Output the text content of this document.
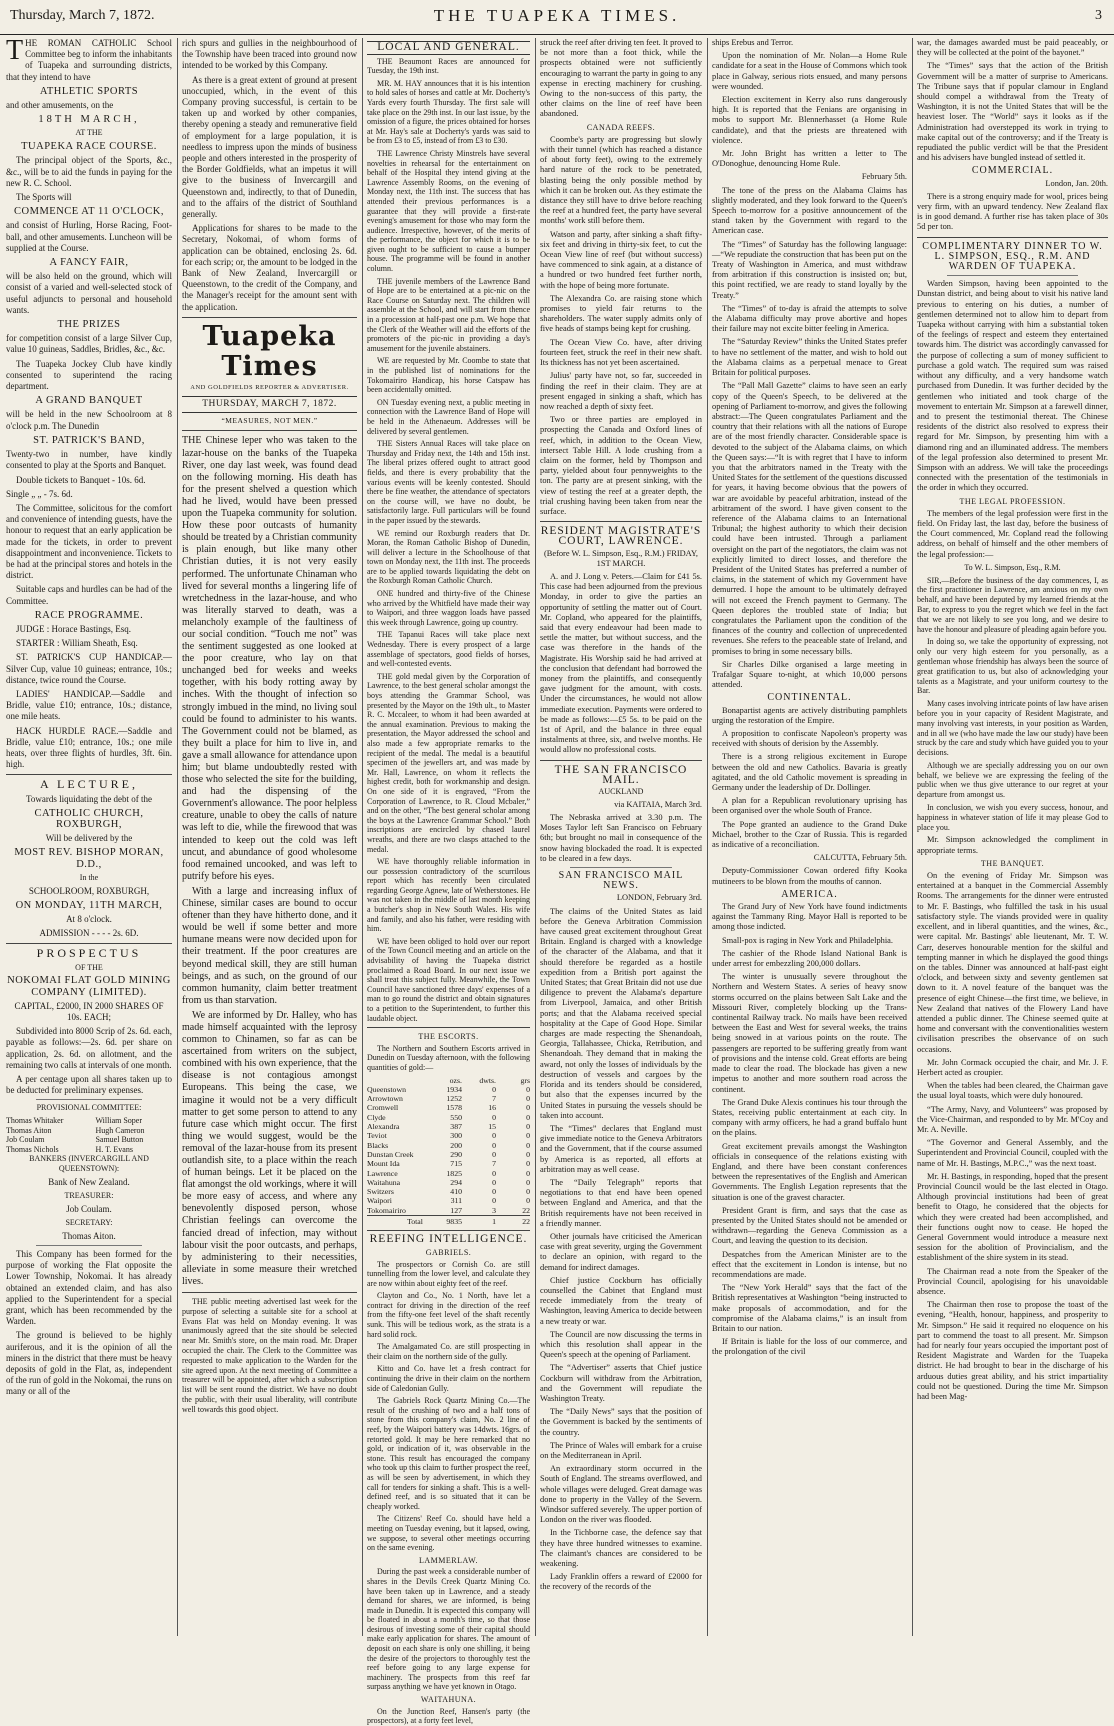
Thursday, March 7, 1872.	THE TUAPEKA TIMES.	3

THE ROMAN CATHOLIC School Committee beg to inform the inhabitants of Tuapeka and surrounding districts, that they intend to have

ATHLETIC SPORTS

and other amusements, on the

18TH MARCH,

AT THE

TUAPEKA RACE COURSE.

The principal object of the Sports, &c., &c., will be to aid the funds in paying for the new R. C. School.

The Sports will

COMMENCE AT 11 O'CLOCK,

and consist of Hurling, Horse Racing, Foot-ball, and other amusements. Luncheon will be supplied at the Course.

A FANCY FAIR,

will be also held on the ground, which will consist of a varied and well-selected stock of useful adjuncts to personal and household wants.

THE PRIZES

for competition consist of a large Silver Cup, value 10 guineas, Saddles, Bridles, &c., &c.

The Tuapeka Jockey Club have kindly consented to superintend the racing department.

A GRAND BANQUET

will be held in the new Schoolroom at 8 o'clock p.m. The Dunedin

ST. PATRICK'S BAND,

Twenty-two in number, have kindly consented to play at the Sports and Banquet.

Double tickets to Banquet - 10s. 6d.

Single „ „ - 7s. 6d.

The Committee, solicitous for the comfort and convenience of intending guests, have the honour to request that an early application be made for the tickets, in order to prevent disappointment and inconvenience. Tickets to be had at the principal stores and hotels in the district.

Suitable caps and hurdles can be had of the Committee.

RACE PROGRAMME.

JUDGE : Horace Bastings, Esq.

STARTER : William Sheath, Esq.

ST. PATRICK'S CUP HANDICAP.—Silver Cup, value 10 guineas; entrance, 10s.; distance, twice round the Course.

LADIES' HANDICAP.—Saddle and Bridle, value £10; entrance, 10s.; distance, one mile heats.

HACK HURDLE RACE.—Saddle and Bridle, value £10; entrance, 10s.; one mile heats, over three flights of hurdles, 3ft. 6in. high.

A LECTURE,

Towards liquidating the debt of the

CATHOLIC CHURCH, ROXBURGH,

Will be delivered by the

MOST REV. BISHOP MORAN, D.D.,

In the

SCHOOLROOM, ROXBURGH,

ON MONDAY, 11TH MARCH,

At 8 o'clock.

ADMISSION - - - - 2s. 6D.

PROSPECTUS

OF THE

NOKOMAI FLAT GOLD MINING COMPANY (LIMITED).

CAPITAL, £2000, IN 2000 SHARES OF 10s. EACH;

Subdivided into 8000 Scrip of 2s. 6d. each, payable as follows:—2s. 6d. per share on application, 2s. 6d. on allotment, and the remaining two calls at intervals of one month.

A per centage upon all shares taken up to be deducted for preliminary expenses.

PROVISIONAL COMMITTEE:

Thomas Whitaker	William Soper
Thomas Aiton	Hugh Cameron
Job Coulam	Samuel Button
Thomas Nichols	H. T. Evans

BANKERS (INVERCARGILL AND QUEENSTOWN):

Bank of New Zealand.

TREASURER:

Job Coulam.

SECRETARY:

Thomas Aiton.

This Company has been formed for the purpose of working the Flat opposite the Lower Township, Nokomai. It has already obtained an extended claim, and has also applied to the Superintendent for a special grant, which has been recommended by the Warden.

The ground is believed to be highly auriferous, and it is the opinion of all the miners in the district that there must be heavy deposits of gold in the Flat, as, independent of the run of gold in the Nokomai, the runs on many or all of the

rich spurs and gullies in the neighbourhood of the Township have been traced into ground now intended to be worked by this Company.

As there is a great extent of ground at present unoccupied, which, in the event of this Company proving successful, is certain to be taken up and worked by other companies, thereby opening a steady and remunerative field of employment for a large population, it is needless to impress upon the minds of business people and others interested in the prosperity of the Border Goldfields, what an impetus it will give to the business of Invercargill and Queenstown and, indirectly, to that of Dunedin, and to the affairs of the district of Southland generally.

Applications for shares to be made to the Secretary, Nokomai, of whom forms of application can be obtained, enclosing 2s. 6d. for each scrip; or, the amount to be lodged in the Bank of New Zealand, Invercargill or Queenstown, to the credit of the Company, and the Manager's receipt for the amount sent with the application.

Tuapeka Times
AND GOLDFIELDS REPORTER & ADVERTISER.
THURSDAY, MARCH 7, 1872.
“MEASURES, NOT MEN.”

THE Chinese leper who was taken to the lazar-house on the banks of the Tuapeka River, one day last week, was found dead on the following morning. His death has for the present shelved a question which had he lived, would have been pressed upon the Tuapeka community for solution. How these poor outcasts of humanity should be treated by a Christian community is plain enough, but like many other Christian duties, it is not very easily performed. The unfortunate Chinaman who lived for several months a lingering life of wretchedness in the lazar-house, and who was literally starved to death, was a melancholy example of the faultiness of our social condition. “Touch me not” was the sentiment suggested as one looked at the poor creature, who lay on that unchanged bed for weeks and weeks together, with his body rotting away by inches. With the thought of infection so strongly imbued in the mind, no living soul could be found to administer to his wants. The Government could not be blamed, as they built a place for him to live in, and gave a small allowance for attendance upon him; but blame undoubtedly rested with those who selected the site for the building, and had the dispensing of the Government's allowance. The poor helpless creature, unable to obey the calls of nature was left to die, while the firewood that was intended to keep out the cold was left uncut, and abundance of good wholesome food remained uncooked, and was left to putrify before his eyes.

With a large and increasing influx of Chinese, similar cases are bound to occur oftener than they have hitherto done, and it would be well if some better and more humane means were now decided upon for their treatment. If the poor creatures are beyond medical skill, they are still human beings, and as such, on the ground of our common humanity, claim better treatment from us than starvation.

We are informed by Dr. Halley, who has made himself acquainted with the leprosy common to Chinamen, so far as can be ascertained from writers on the subject, combined with his own experience, that the disease is not contagious amongst Europeans. This being the case, we imagine it would not be a very difficult matter to get some person to attend to any future case which might occur. The first thing we would suggest, would be the removal of the lazar-house from its present outlandish site, to a place within the reach of human beings. Let it be placed on the flat amongst the old workings, where it will be more easy of access, and where any benevolently disposed person, whose Christian feelings can overcome the fancied dread of infection, may without labour visit the poor outcasts, and perhaps, by administering to their necessities, alleviate in some measure their wretched lives.

THE public meeting advertised last week for the purpose of selecting a suitable site for a school at Evans Flat was held on Monday evening. It was unanimously agreed that the site should be selected near Mr. Smith's store, on the main road. Mr. Draper occupied the chair. The Clerk to the Committee was requested to make application to the Warden for the site agreed upon. At the next meeting of Committee a treasurer will be appointed, after which a subscription list will be sent round the district. We have no doubt the public, with their usual liberality, will contribute well towards this good object.

LOCAL AND GENERAL.

THE Beaumont Races are announced for Tuesday, the 19th inst.

MR. M. HAY announces that it is his intention to hold sales of horses and cattle at Mr. Docherty's Yards every fourth Thursday. The first sale will take place on the 29th inst. In our last issue, by the omission of a figure, the prices obtained for horses at Mr. Hay's sale at Docherty's yards was said to be from £3 to £5, instead of from £3 to £30.

THE Lawrence Christy Minstrels have several novelties in rehearsal for the entertainment on behalf of the Hospital they intend giving at the Lawrence Assembly Rooms, on the evening of Monday next, the 11th inst. The success that has attended their previous performances is a guarantee that they will provide a first-rate evening's amusement for those who may form the audience. Irrespective, however, of the merits of the performance, the object for which it is to be given ought to be sufficient to cause a bumper house. The programme will be found in another column.

THE juvenile members of the Lawrence Band of Hope are to be entertained at a pic-nic on the Race Course on Saturday next. The children will assemble at the School, and will start from thence in a procession at half-past one p.m. We hope that the Clerk of the Weather will aid the efforts of the promoters of the pic-nic in providing a day's amusement for the juvenile abstainers.

WE are requested by Mr. Coombe to state that in the published list of nominations for the Tokomairiro Handicap, his horse Catspaw has been accidentally omitted.

ON Tuesday evening next, a public meeting in connection with the Lawrence Band of Hope will be held in the Athenaeum. Addresses will be delivered by several gentlemen.

THE Sisters Annual Races will take place on Thursday and Friday next, the 14th and 15th inst. The liberal prizes offered ought to attract good fields, and there is every probability that the various events will be keenly contested. Should there be fine weather, the attendance of spectators on the course will, we have no doubt, be satisfactorily large. Full particulars will be found in the paper issued by the stewards.

WE remind our Roxburgh readers that Dr. Moran, the Roman Catholic Bishop of Dunedin, will deliver a lecture in the Schoolhouse of that town on Monday next, the 11th inst. The proceeds are to be applied towards liquidating the debt on the Roxburgh Roman Catholic Church.

ONE hundred and thirty-five of the Chinese who arrived by the Whitfield have made their way to Waipori, and three waggon loads have passed this week through Lawrence, going up country.

THE Tapanui Races will take place next Wednesday. There is every prospect of a large assemblage of spectators, good fields of horses, and well-contested events.

THE gold medal given by the Corporation of Lawrence, to the best general scholar amongst the boys attending the Grammar School, was presented by the Mayor on the 19th ult., to Master R. C. Mccaleer, to whom it had been awarded at the annual examination. Previous to making the presentation, the Mayor addressed the school and also made a few appropriate remarks to the recipient of the medal. The medal is a beautiful specimen of the jewellers art, and was made by Mr. Hall, Lawrence, on whom it reflects the highest credit, both for workmanship and design. On one side of it is engraved, “From the Corporation of Lawrence, to R. Cloud Mcbaler,” and on the other, “The best general scholar among the boys at the Lawrence Grammar School.” Both inscriptions are encircled by chased laurel wreaths, and there are two clasps attached to the medal.

WE have thoroughly reliable information in our possession contradictory of the scurrilous report which has recently been circulated regarding George Agnew, late of Wetherstones. He was not taken in the middle of last month keeping a butcher's shop in New South Wales. His wife and family, and also his father, were residing with him.

WE have been obliged to hold over our report of the Town Council meeting and an article on the advisability of having the Tuapeka district proclaimed a Road Board. In our next issue we shall treat this subject fully. Meanwhile, the Town Council have sanctioned three days' expenses of a man to go round the district and obtain signatures to a petition to the Superintendent, to further this laudable object.

THE ESCORTS.

The Northern and Southern Escorts arrived in Dunedin on Tuesday afternoon, with the following quantities of gold:—

	ozs.	dwts.	grs
Queenstown	1934	0	0
Arrowtown	1252	7	0
Cromwell	1578	16	0
Clyde	550	0	0
Alexandra	387	15	0
Teviot	300	0	0
Blacks	200	0	0
Dunstan Creek	290	0	0
Mount Ida	715	7	0
Lawrence	1825	0	0
Waitahuna	294	0	0
Switzers	410	0	0
Waipori	311	0	0
Tokomairiro	127	3	22
Total	9835	1	22
REEFING INTELLIGENCE.
GABRIELS.

The prospectors or Cornish Co. are still tunnelling from the lower level, and calculate they are now within about eighty feet of the reef.

Clayton and Co., No. 1 North, have let a contract for driving in the direction of the reef from the fifty-one feet level of the shaft recently sunk. This will be tedious work, as the strata is a hard solid rock.

The Amalgamated Co. are still prospecting in their claim on the northern side of the gully.

Kitto and Co. have let a fresh contract for continuing the drive in their claim on the northern side of Caledonian Gully.

The Gabriels Rock Quartz Mining Co.—The result of the crushing of two and a half tons of stone from this company's claim, No. 2 line of reef, by the Waipori battery was 14dwts. 16grs. of retorted gold. It may be here remarked that no gold, or indication of it, was observable in the stone. This result has encouraged the company who took up this claim to further prospect the reef, as will be seen by advertisement, in which they call for tenders for sinking a shaft. This is a well-defined reef, and is so situated that it can be cheaply worked.

The Citizens' Reef Co. should have held a meeting on Tuesday evening, but it lapsed, owing, we suppose, to several other meetings occurring on the same evening.

LAMMERLAW.

During the past week a considerable number of shares in the Devils Creek Quartz Mining Co. have been taken up in Lawrence, and a steady demand for shares, we are informed, is being made in Dunedin. It is expected this company will be floated in about a month's time, so that those desirous of investing some of their capital should make early application for shares. The amount of deposit on each share is only one shilling, it being the desire of the projectors to thoroughly test the reef before going to any large expense for machinery. The prospects from this reef far surpass anything we have yet known in Otago.

WAITAHUNA.

On the Junction Reef, Hansen's party (the prospectors), at a forty feet level,

struck the reef after driving ten feet. It proved to be not more than a foot thick, while the prospects obtained were not sufficiently encouraging to warrant the party in going to any expense in erecting machinery for crushing. Owing to the non-success of this party, the other claims on the line of reef have been abandoned.

CANADA REEFS.

Coombe's party are progressing but slowly with their tunnel (which has reached a distance of about forty feet), owing to the extremely hard nature of the rock to be penetrated, blasting being the only possible method by which it can be broken out. As they estimate the distance they still have to drive before reaching the reef at a hundred feet, the party have several months' work still before them.

Watson and party, after sinking a shaft fifty-six feet and driving in thirty-six feet, to cut the Ocean View line of reef (but without success) have commenced to sink again, at a distance of a hundred or two hundred feet further north, with the hope of being more fortunate.

The Alexandra Co. are raising stone which promises to yield fair returns to the shareholders. The water supply admits only of five heads of stamps being kept for crushing.

The Ocean View Co. have, after driving fourteen feet, struck the reef in their new shaft. Its thickness has not yet been ascertained.

Julius' party have not, so far, succeeded in finding the reef in their claim. They are at present engaged in sinking a shaft, which has now reached a depth of sixty feet.

Two or three parties are employed in prospecting the Canada and Oxford lines of reef, which, in addition to the Ocean View, intersect Table Hill. A lode crushing from a claim on the former, held by Thompson and party, yielded about four pennyweights to the ton. The party are at present sinking, with the view of testing the reef at a greater depth, the trial crushing having been taken from near the surface.

RESIDENT MAGISTRATE'S COURT, LAWRENCE.

(Before W. L. Simpson, Esq., R.M.) FRIDAY, 1ST MARCH.

A. and J. Long v. Peters.—Claim for £41 5s. This case had been adjourned from the previous Monday, in order to give the parties an opportunity of settling the matter out of Court. Mr. Copland, who appeared for the plaintiffs, said that every endeavour had been made to settle the matter, but without success, and the case was therefore in the hands of the Magistrate. His Worship said he had arrived at the conclusion that defendant had borrowed the money from the plaintiffs, and consequently gave judgment for the amount, with costs. Under the circumstances, he would not allow immediate execution. Payments were ordered to be made as follows:—£5 5s. to be paid on the 1st of April, and the balance in three equal instalments at three, six, and twelve months. He would allow no professional costs.

THE SAN FRANCISCO MAIL.

AUCKLAND

via KAITAIA, March 3rd.

The Nebraska arrived at 3.30 p.m. The Moses Taylor left San Francisco on February 6th; but brought no mail in consequence of the snow having blockaded the road. It is expected to be cleared in a few days.

SAN FRANCISCO MAIL NEWS.

LONDON, February 3rd.

The claims of the United States as laid before the Geneva Arbitration Commission have caused great excitement throughout Great Britain. England is charged with a knowledge of the character of the Alabama, and that it should therefore be regarded as a hostile expedition from a British port against the United States; that Great Britain did not use due diligence to prevent the Alabama's departure from Liverpool, Jamaica, and other British ports; and that the Alabama received special hospitality at the Cape of Good Hope. Similar charges are made respecting the Shenandoah, Georgia, Tallahassee, Chicka, Retribution, and Shenandoah. They demand that in making the award, not only the losses of individuals by the destruction of vessels and cargoes by the Florida and its tenders should be considered, but also that the expenses incurred by the United States in pursuing the vessels should be taken into account.

The “Times” declares that England must give immediate notice to the Geneva Arbitrators and the Government, that if the course assumed by America is as reported, all efforts at arbitration may as well cease.

The “Daily Telegraph” reports that negotiations to that end have been opened between England and America, and that the British requirements have not been received in a friendly manner.

Other journals have criticised the American case with great severity, urging the Government to declare an opinion, with regard to the demand for indirect damages.

Chief justice Cockburn has officially counselled the Cabinet that England must recede immediately from the treaty of Washington, leaving America to decide between a new treaty or war.

The Council are now discussing the terms in which this resolution shall appear in the Queen's speech at the opening of Parliament.

The “Advertiser” asserts that Chief justice Cockburn will withdraw from the Arbitration, and the Government will repudiate the Washington Treaty.

The “Daily News” says that the position of the Government is backed by the sentiments of the country.

The Prince of Wales will embark for a cruise on the Mediterranean in April.

An extraordinary storm occurred in the South of England. The streams overflowed, and whole villages were deluged. Great damage was done to property in the Valley of the Severn. Windsor suffered severely. The upper portion of London on the river was flooded.

In the Tichborne case, the defence say that they have three hundred witnesses to examine. The claimant's chances are considered to be weakening.

Lady Franklin offers a reward of £2000 for the recovery of the records of the

ships Erebus and Terror.

Upon the nomination of Mr. Nolan—a Home Rule candidate for a seat in the House of Commons which took place in Galway, serious riots ensued, and many persons were wounded.

Election excitement in Kerry also runs dangerously high. It is reported that the Fenians are organising in mobs to support Mr. Blennerhasset (a Home Rule candidate), and that the priests are threatened with violence.

Mr. John Bright has written a letter to The O'Donoghue, denouncing Home Rule.

February 5th.

The tone of the press on the Alabama Claims has slightly moderated, and they look forward to the Queen's Speech to-morrow for a positive announcement of the stand taken by the Government with regard to the American case.

The “Times” of Saturday has the following language:—“We repudiate the construction that has been put on the Treaty of Washington in America, and must withdraw from arbitration if this construction is insisted on; but, this point rectified, we are ready to stand loyally by the Treaty.”

The “Times” of to-day is afraid the attempts to solve the Alabama difficulty may prove abortive and hopes their failure may not excite bitter feeling in America.

The “Saturday Review” thinks the United States prefer to have no settlement of the matter, and wish to hold out the Alabama claims as a perpetual menace to Great Britain for political purposes.

The “Pall Mall Gazette” claims to have seen an early copy of the Queen's Speech, to be delivered at the opening of Parliament to-morrow, and gives the following abstract:—The Queen congratulates Parliament and the country that their relations with all the nations of Europe are of the most friendly character. Considerable space is devoted to the subject of the Alabama claims, on which the Queen says:—“It is with regret that I have to inform you that the arbitrators named in the Treaty with the United States for the settlement of the questions discussed for years, it having become obvious that the powers of war are avoidable by peaceful arbitration, instead of the arbitrament of the sword. I have given consent to the reference of the Alabama claims to an International Tribunal; the highest authority to which their decision could have been intrusted. Through a parliament oversight on the part of the negotiators, the claim was not explicitly limited to direct losses, and therefore the President of the United States has preferred a number of claims, in the statement of which my Government have demurred. I hope the amount to be ultimately defrayed will not exceed the French payment to Germany. The Queen deplores the troubled state of India; but congratulates the Parliament upon the condition of the finances of the country and collection of unprecedented revenues. She refers to the peaceable state of Ireland, and promises to bring in some necessary bills.

Sir Charles Dilke organised a large meeting in Trafalgar Square to-night, at which 10,000 persons attended.

CONTINENTAL.

Bonapartist agents are actively distributing pamphlets urging the restoration of the Empire.

A proposition to confiscate Napoleon's property was received with shouts of derision by the Assembly.

There is a strong religious excitement in Europe between the old and new Catholics. Bavaria is greatly agitated, and the old Catholic movement is spreading in Germany under the leadership of Dr. Dollinger.

A plan for a Republican revolutionary uprising has been organised over the whole South of France.

The Pope granted an audience to the Grand Duke Michael, brother to the Czar of Russia. This is regarded as indicative of a reconciliation.

CALCUTTA, February 5th.

Deputy-Commissioner Cowan ordered fifty Kooka mutineers to be blown from the mouths of cannon.

AMERICA.

The Grand Jury of New York have found indictments against the Tammany Ring. Mayor Hall is reported to be among those indicted.

Small-pox is raging in New York and Philadelphia.

The cashier of the Rhode Island National Bank is under arrest for embezzling 200,000 dollars.

The winter is unusually severe throughout the Northern and Western States. A series of heavy snow storms occurred on the plains between Salt Lake and the Missouri River, completely blocking up the Trans-continental Railway track. No mails have been received between the East and West for several weeks, the trains being snowed in at various points on the route. The passengers are reported to be suffering greatly from want of provisions and the intense cold. Great efforts are being made to clear the road. The blockade has given a new impetus to another and more southern road across the continent.

The Grand Duke Alexis continues his tour through the States, receiving public entertainment at each city. In company with army officers, he had a grand buffalo hunt on the plains.

Great excitement prevails amongst the Washington officials in consequence of the relations existing with England, and there have been constant conferences between the representatives of the English and American Governments. The English Legation represents that the situation is one of the gravest character.

President Grant is firm, and says that the case as presented by the United States should not be amended or withdrawn—regarding the Geneva Commission as a Court, and leaving the question to its decision.

Despatches from the American Minister are to the effect that the excitement in London is intense, but no recommendations are made.

The “New York Herald” says that the fact of the British representatives at Washington “being instructed to make proposals of accommodation, and for the compromise of the Alabama claims,” is an insult from Britain to our nation.

If Britain is liable for the loss of our commerce, and the prolongation of the civil

war, the damages awarded must be paid peaceably, or they will be collected at the point of the bayonet.”

The “Times” says that the action of the British Government will be a matter of surprise to Americans. The Tribune says that if popular clamour in England should compel a withdrawal from the Treaty of Washington, it is not the United States that will be the heaviest loser. The “World” says it looks as if the Administration had overstepped its work in trying to make capital out of the controversy; and if the Treaty is repudiated the public verdict will be that the President and his advisers have bungled instead of settled it.

COMMERCIAL.

London, Jan. 20th.

There is a strong enquiry made for wool, prices being very firm, with an upward tendency. New Zealand flax is in good demand. A further rise has taken place of 30s 5d per ton.

COMPLIMENTARY DINNER TO W. L. SIMPSON, ESQ., R.M. AND WARDEN OF TUAPEKA.

Warden Simpson, having been appointed to the Dunstan district, and being about to visit his native land previous to entering on his duties, a number of gentlemen determined not to allow him to depart from Tuapeka without carrying with him a substantial token of the feelings of respect and esteem they entertained towards him. The district was accordingly canvassed for the purpose of collecting a sum of money sufficient to purchase a gold watch. The required sum was raised without any difficulty, and a very handsome watch purchased from Dunedin. It was further decided by the gentlemen who initiated and took charge of the movement to entertain Mr. Simpson at a farewell dinner, and to present the testimonial thereat. The Chinese residents of the district also resolved to express their regard for Mr. Simpson, by presenting him with a diamond ring and an illuminated address. The members of the legal profession also determined to present Mr. Simpson with an address. We will take the proceedings connected with the presentation of the testimonials in the order in which they occurred.

THE LEGAL PROFESSION.

The members of the legal profession were first in the field. On Friday last, the last day, before the business of the Court commenced, Mr. Copland read the following address, on behalf of himself and the other members of the legal profession:—

To W. L. Simpson, Esq., R.M.

SIR,—Before the business of the day commences, I, as the first practitioner in Lawrence, am anxious on my own behalf, and have been deputed by my learned friends at the Bar, to express to you the regret which we feel in the fact that we are not likely to see you long, and we desire to have the honour and pleasure of pleading again before you.

In doing so, we take the opportunity of expressing, not only our very high esteem for you personally, as a gentleman whose friendship has always been the source of great gratification to us, but also of acknowledging your talents as a Magistrate, and your uniform courtesy to the Bar.

Many cases involving intricate points of law have arisen before you in your capacity of Resident Magistrate, and many involving vast interests, in your position as Warden, and in all we (who have made the law our study) have been struck by the care and study which have guided you to your decisions.

Although we are specially addressing you on our own behalf, we believe we are expressing the feeling of the public when we thus give utterance to our regret at your departure from amongst us.

In conclusion, we wish you every success, honour, and happiness in whatever station of life it may please God to place you.

Mr. Simpson acknowledged the compliment in appropriate terms.

THE BANQUET.

On the evening of Friday Mr. Simpson was entertained at a banquet in the Commercial Assembly Rooms. The arrangements for the dinner were entrusted to Mr. F. Bastings, who fulfilled the task in his usual satisfactory style. The viands provided were in quality excellent, and in liberal quantities, and the wines, &c., were capital. Mr. Bastings' able lieutenant, Mr. T. W. Carr, deserves honourable mention for the skilful and tempting manner in which he displayed the good things on the tables. Dinner was announced at half-past eight o'clock, and between sixty and seventy gentlemen sat down to it. A novel feature of the banquet was the presence of eight Chinese—the first time, we believe, in New Zealand that natives of the Flowery Land have attended a public dinner. The Chinese seemed quite at home and conversant with the conventionalities western civilisation prescribes the observance of on such occasions.

Mr. John Cormack occupied the chair, and Mr. J. F. Herbert acted as croupier.

When the tables had been cleared, the Chairman gave the usual loyal toasts, which were duly honoured.

“The Army, Navy, and Volunteers” was proposed by the Vice-Chairman, and responded to by Mr. M'Coy and Mr. A. Neville.

“The Governor and General Assembly, and the Superintendent and Provincial Council, coupled with the name of Mr. H. Bastings, M.P.C.,” was the next toast.

Mr. H. Bastings, in responding, hoped that the present Provincial Council would be the last elected in Otago. Although provincial institutions had been of great benefit to Otago, he considered that the objects for which they were created had been accomplished, and their functions ought now to cease. He hoped the General Government would introduce a measure next session for the abolition of Provincialism, and the establishment of the shire system in its stead.

The Chairman read a note from the Speaker of the Provincial Council, apologising for his unavoidable absence.

The Chairman then rose to propose the toast of the evening, “Health, honour, happiness, and prosperity to Mr. Simpson.” He said it required no eloquence on his part to commend the toast to all present. Mr. Simpson had for nearly four years occupied the important post of Resident Magistrate and Warden for the Tuapeka district. He had brought to bear in the discharge of his arduous duties great ability, and his strict impartiality could not be questioned. During the time Mr. Simpson had been Mag-
